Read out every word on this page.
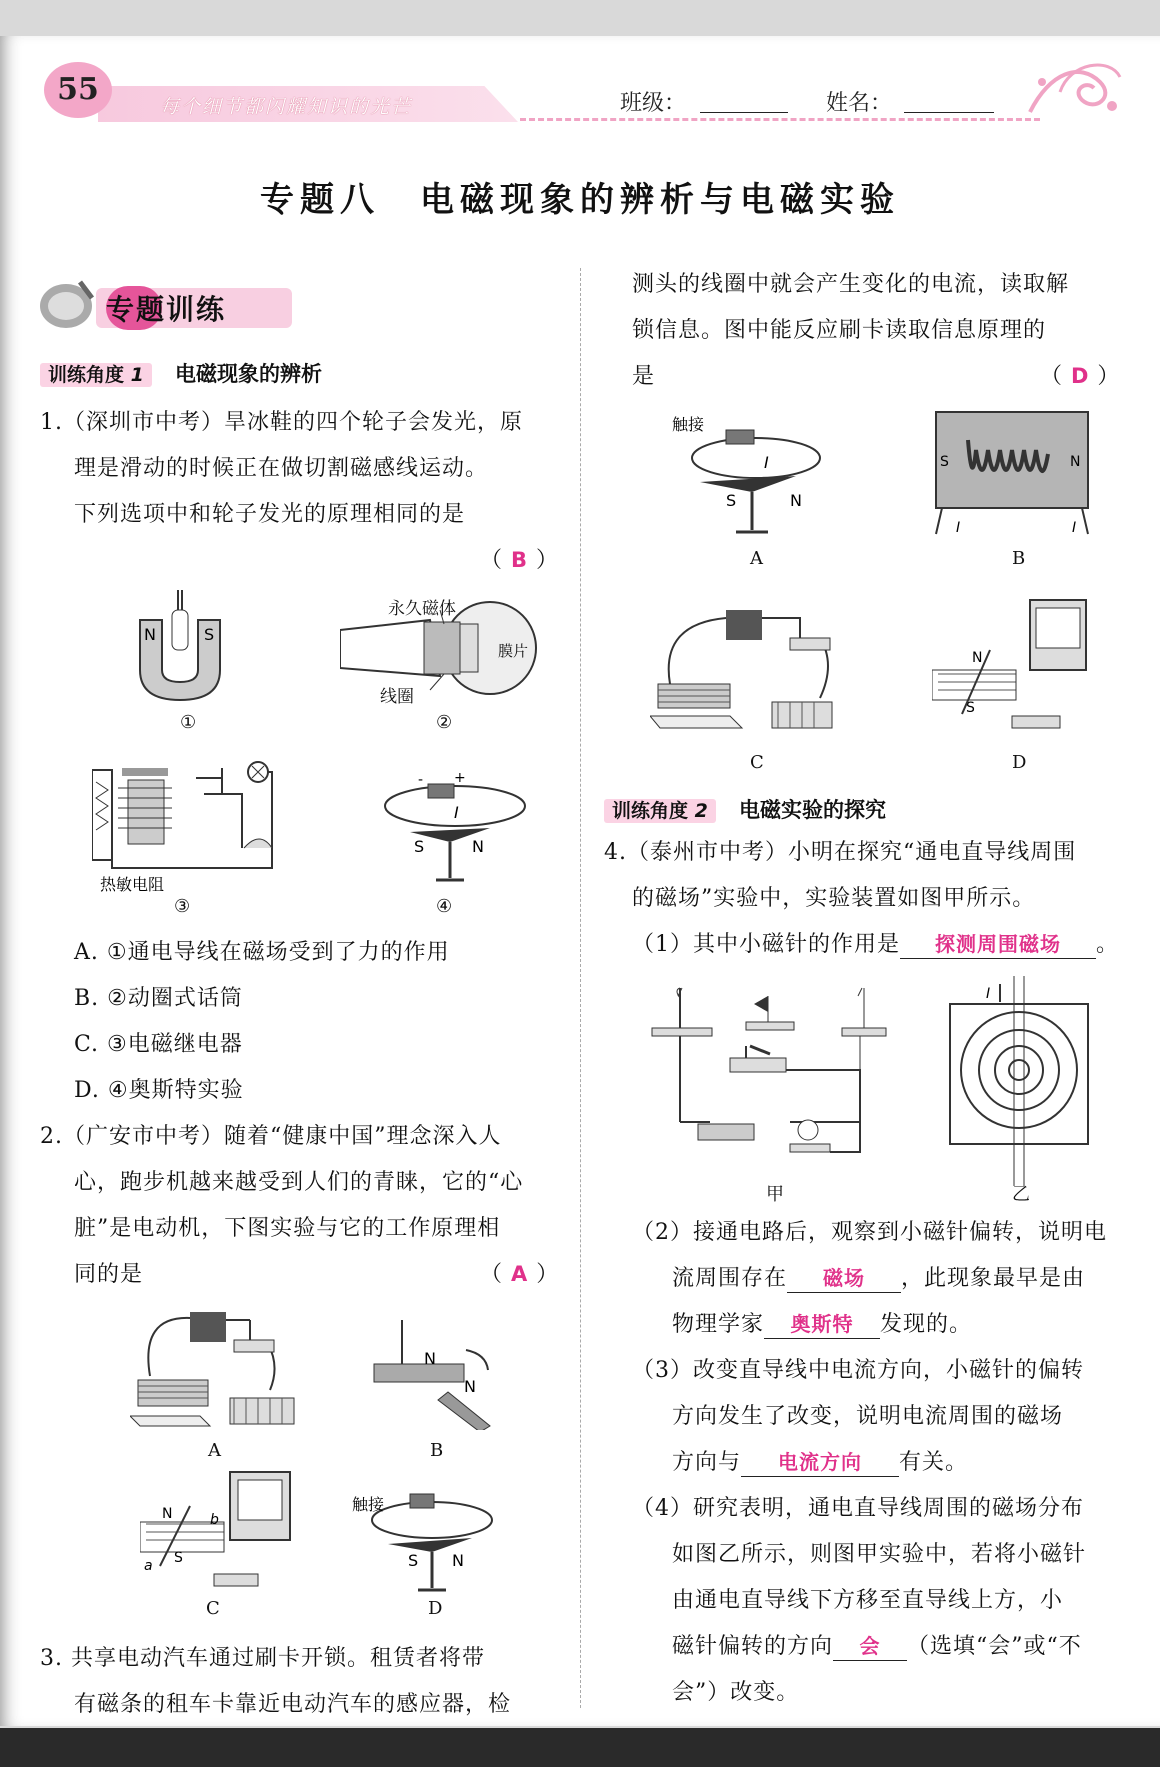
55	每个细节都闪耀知识的光芒	班级：	姓名：
专题八　电磁现象的辨析与电磁实验
专题训练
训练角度 1 电磁现象的辨析
1.（深圳市中考）旱冰鞋的四个轮子会发光，原
理是滑动的时候正在做切割磁感线运动。
下列选项中和轮子发光的原理相同的是
（ B ）
N	S
①
永久磁体
线圈
膜片
②
热敏电阻
③
- +
I
S	N
④
A. ①通电导线在磁场受到了力的作用
B. ②动圈式话筒
C. ③电磁继电器
D. ④奥斯特实验
2.（广安市中考）随着“健康中国”理念深入人
心，跑步机越来越受到人们的青睐，它的“心
脏”是电动机，下图实验与它的工作原理相
同的是	（ A ）
A
N
N
B
N
S
a
b
C
触接
S N
D
3. 共享电动汽车通过刷卡开锁。租赁者将带
有磁条的租车卡靠近电动汽车的感应器，检
测头的线圈中就会产生变化的电流，读取解
锁信息。图中能反应刷卡读取信息原理的
是	（ D ）
触接
I
S	N
A
S	N
I	I
B
C
N
S
D
训练角度 2 电磁实验的探究
4.（泰州市中考）小明在探究“通电直导线周围
的磁场”实验中，实验装置如图甲所示。
（1）其中小磁针的作用是 探测周围磁场 。
甲
I
乙
（2）接通电路后，观察到小磁针偏转，说明电
流周围存在 磁场 ，此现象最早是由
物理学家 奥斯特 发现的。
（3）改变直导线中电流方向，小磁针的偏转
方向发生了改变，说明电流周围的磁场
方向与 电流方向 有关。
（4）研究表明，通电直导线周围的磁场分布
如图乙所示，则图甲实验中，若将小磁针
由通电直导线下方移至直导线上方，小
磁针偏转的方向 会 （选填“会”或“不
会”）改变。
